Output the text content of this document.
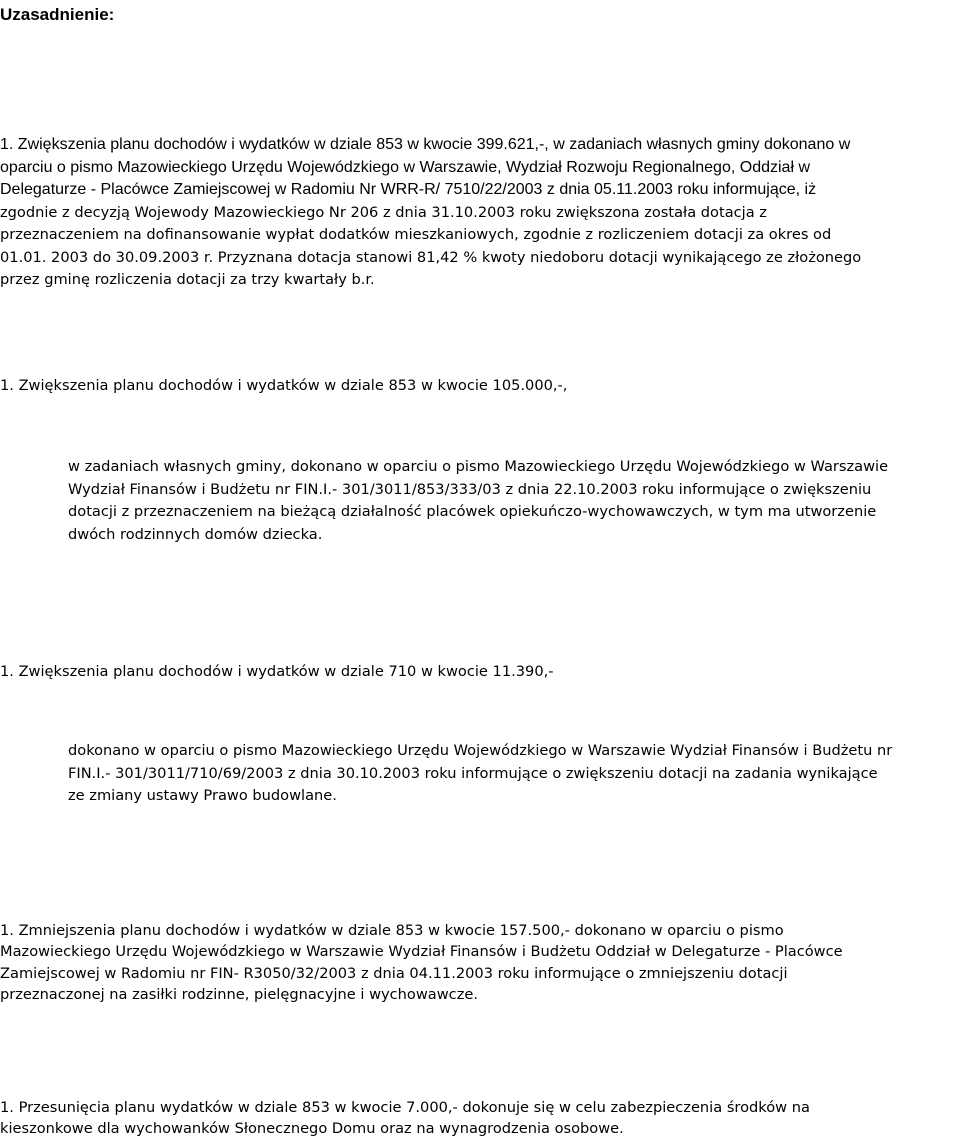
Uzasadnienie:
1. Zwiększenia planu dochodów i wydatków w dziale 853 w kwocie 399.621,-, w zadaniach własnych gminy dokonano w
oparciu o pismo Mazowieckiego Urzędu Wojewódzkiego w Warszawie, Wydział Rozwoju Regionalnego, Oddział w
Delegaturze - Placówce Zamiejscowej w Radomiu Nr WRR-R/ 7510/22/2003 z dnia 05.11.2003 roku informujące, iż
zgodnie z decyzją Wojewody Mazowieckiego Nr 206 z dnia 31.10.2003 roku zwiększona została dotacja z
przeznaczeniem na dofinansowanie wypłat dodatków mieszkaniowych, zgodnie z rozliczeniem dotacji za okres od
01.01. 2003 do 30.09.2003 r. Przyznana dotacja stanowi 81,42 % kwoty niedoboru dotacji wynikającego ze złożonego
przez gminę rozliczenia dotacji za trzy kwartały b.r.
1. Zwiększenia planu dochodów i wydatków w dziale 853 w kwocie 105.000,-,
w zadaniach własnych gminy, dokonano w oparciu o pismo Mazowieckiego Urzędu Wojewódzkiego w Warszawie
Wydział Finansów i Budżetu nr FIN.I.- 301/3011/853/333/03 z dnia 22.10.2003 roku informujące o zwiększeniu
dotacji z przeznaczeniem na bieżącą działalność placówek opiekuńczo-wychowawczych, w tym ma utworzenie
dwóch rodzinnych domów dziecka.
1. Zwiększenia planu dochodów i wydatków w dziale 710 w kwocie 11.390,-
dokonano w oparciu o pismo Mazowieckiego Urzędu Wojewódzkiego w Warszawie Wydział Finansów i Budżetu nr
FIN.I.- 301/3011/710/69/2003 z dnia 30.10.2003 roku informujące o zwiększeniu dotacji na zadania wynikające
ze zmiany ustawy Prawo budowlane.
1. Zmniejszenia planu dochodów i wydatków w dziale 853 w kwocie 157.500,- dokonano w oparciu o pismo
Mazowieckiego Urzędu Wojewódzkiego w Warszawie Wydział Finansów i Budżetu Oddział w Delegaturze - Placówce
Zamiejscowej w Radomiu nr FIN- R3050/32/2003 z dnia 04.11.2003 roku informujące o zmniejszeniu dotacji
przeznaczonej na zasiłki rodzinne, pielęgnacyjne i wychowawcze.
1. Przesunięcia planu wydatków w dziale 853 w kwocie 7.000,- dokonuje się w celu zabezpieczenia środków na
kieszonkowe dla wychowanków Słonecznego Domu oraz na wynagrodzenia osobowe.
